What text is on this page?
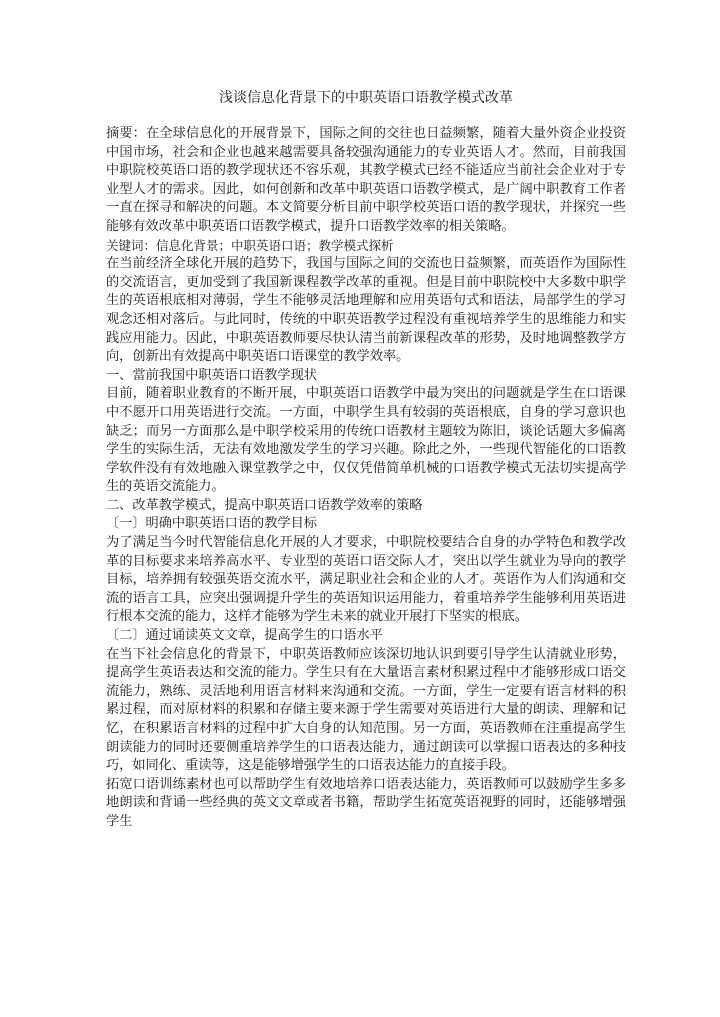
浅谈信息化背景下的中职英语口语教学模式改革

摘要：在全球信息化的开展背景下，国际之间的交往也日益频繁，随着大量外资企业投资中国市场，社会和企业也越来越需要具备较强沟通能力的专业英语人才。然而，目前我国中职院校英语口语的教学现状还不容乐观，其教学模式已经不能适应当前社会企业对于专业型人才的需求。因此，如何创新和改革中职英语口语教学模式，是广阔中职教育工作者一直在探寻和解决的问题。本文简要分析目前中职学校英语口语的教学现状，并探究一些能够有效改革中职英语口语教学模式，提升口语教学效率的相关策略。

关键词：信息化背景；中职英语口语；教学模式探析

在当前经济全球化开展的趋势下，我国与国际之间的交流也日益频繁，而英语作为国际性的交流语言，更加受到了我国新课程教学改革的重视。但是目前中职院校中大多数中职学生的英语根底相对薄弱，学生不能够灵活地理解和应用英语句式和语法，局部学生的学习观念还相对落后。与此同时，传统的中职英语教学过程没有重视培养学生的思维能力和实践应用能力。因此，中职英语教师要尽快认清当前新课程改革的形势，及时地调整教学方向，创新出有效提高中职英语口语课堂的教学效率。

一、當前我国中职英语口语教学现状

目前，随着职业教育的不断开展，中职英语口语教学中最为突出的问题就是学生在口语课中不愿开口用英语进行交流。一方面，中职学生具有较弱的英语根底，自身的学习意识也缺乏；而另一方面那么是中职学校采用的传统口语教材主题较为陈旧，谈论话题大多偏离学生的实际生活，无法有效地激发学生的学习兴趣。除此之外，一些现代智能化的口语教学软件没有有效地融入课堂教学之中，仅仅凭借简单机械的口语教学模式无法切实提高学生的英语交流能力。

二、改革教学模式，提高中职英语口语教学效率的策略

〔一〕明确中职英语口语的教学目标

为了满足当今时代智能信息化开展的人才要求，中职院校要结合自身的办学特色和教学改革的目标要求来培养高水平、专业型的英语口语交际人才，突出以学生就业为导向的教学目标，培养拥有较强英语交流水平，满足职业社会和企业的人才。英语作为人们沟通和交流的语言工具，应突出强调提升学生的英语知识运用能力，着重培养学生能够利用英语进行根本交流的能力，这样才能够为学生未来的就业开展打下坚实的根底。

〔二〕通过诵读英文文章，提高学生的口语水平

在当下社会信息化的背景下，中职英语教师应该深切地认识到要引导学生认清就业形势，提高学生英语表达和交流的能力。学生只有在大量语言素材积累过程中才能够形成口语交流能力，熟练、灵活地利用语言材料来沟通和交流。一方面，学生一定要有语言材料的积累过程，而对原材料的积累和存储主要来源于学生需要对英语进行大量的朗读、理解和记忆，在积累语言材料的过程中扩大自身的认知范围。另一方面，英语教师在注重提高学生朗读能力的同时还要侧重培养学生的口语表达能力，通过朗读可以掌握口语表达的多种技巧，如同化、重读等，这是能够增强学生的口语表达能力的直接手段。

拓宽口语训练素材也可以帮助学生有效地培养口语表达能力，英语教师可以鼓励学生多多地朗读和背诵一些经典的英文文章或者书籍，帮助学生拓宽英语视野的同时，还能够增强学生
